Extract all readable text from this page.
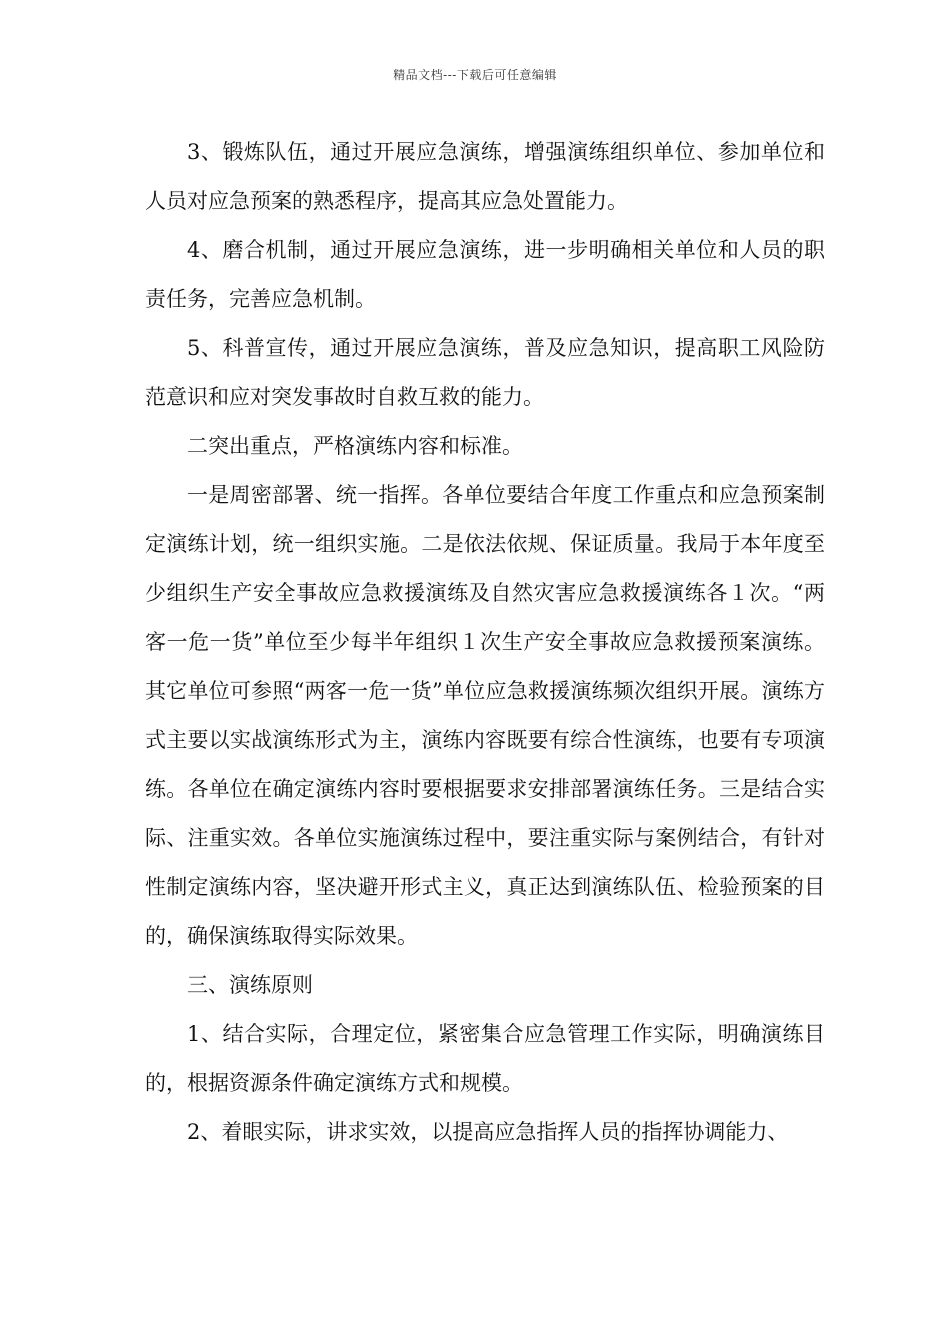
精品文档---下载后可任意编辑

3、锻炼队伍，通过开展应急演练，增强演练组织单位、参加单位和人员对应急预案的熟悉程序，提高其应急处置能力。

4、磨合机制，通过开展应急演练，进一步明确相关单位和人员的职责任务，完善应急机制。

5、科普宣传，通过开展应急演练，普及应急知识，提高职工风险防范意识和应对突发事故时自救互救的能力。

二突出重点，严格演练内容和标准。

一是周密部署、统一指挥。各单位要结合年度工作重点和应急预案制定演练计划，统一组织实施。二是依法依规、保证质量。我局于本年度至少组织生产安全事故应急救援演练及自然灾害应急救援演练各１次。“两客一危一货”单位至少每半年组织１次生产安全事故应急救援预案演练。其它单位可参照“两客一危一货”单位应急救援演练频次组织开展。演练方式主要以实战演练形式为主，演练内容既要有综合性演练，也要有专项演练。各单位在确定演练内容时要根据要求安排部署演练任务。三是结合实际、注重实效。各单位实施演练过程中，要注重实际与案例结合，有针对性制定演练内容，坚决避开形式主义，真正达到演练队伍、检验预案的目的，确保演练取得实际效果。

三、演练原则

1、结合实际，合理定位，紧密集合应急管理工作实际，明确演练目的，根据资源条件确定演练方式和规模。

2、着眼实际，讲求实效，以提高应急指挥人员的指挥协调能力、
